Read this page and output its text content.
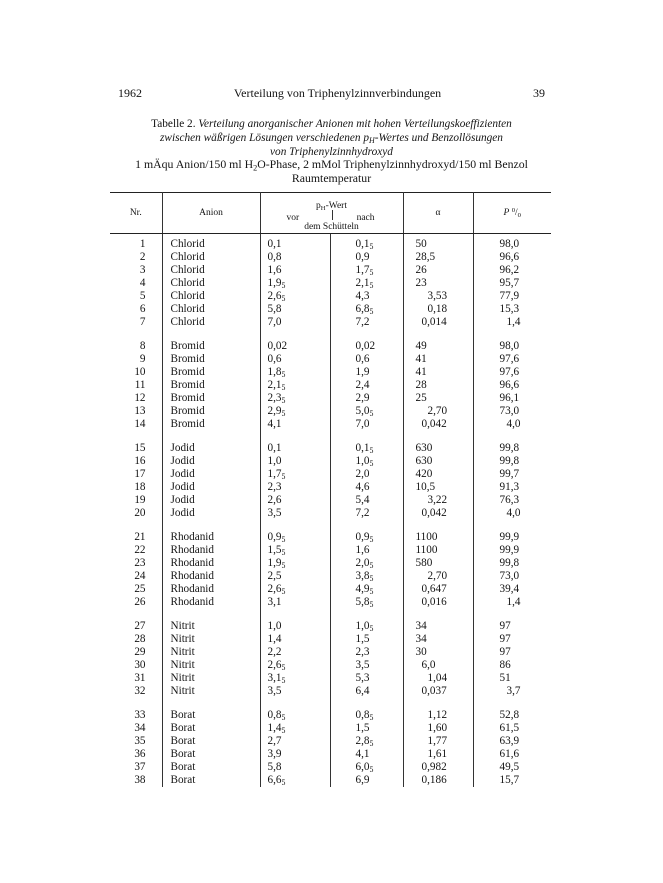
1962	Verteilung von Triphenylzinnverbindungen	39
Tabelle 2. Verteilung anorganischer Anionen mit hohen Verteilungskoeffizienten
zwischen wäßrigen Lösungen verschiedenen $p_H$-Wertes und Benzollösungen
von Triphenylzinnhydroxyd
1 mÄqu Anion/150 ml $H_2O$-Phase, 2 mMol Triphenylzinnhydroxyd/150 ml Benzol
Raumtemperatur
Nr.	Anion	$p_H$-Wert
vor nach
dem Schütteln		α	P $^0/_0$
1	Chlorid	0,1	$0,1_5$	50	98,0
2	Chlorid	0,8	0,9	28,5	96,6
3	Chlorid	1,6	$1,7_5$	26	96,2
4	Chlorid	$1,9_5$	$2,1_5$	23	95,7
5	Chlorid	$2,6_5$	4,3	3,53	77,9
6	Chlorid	5,8	$6,8_5$	0,18	15,3
7	Chlorid	7,0	7,2	0,014	1,4

8	Bromid	0,02	0,02	49	98,0
9	Bromid	0,6	0,6	41	97,6
10	Bromid	$1,8_5$	1,9	41	97,6
11	Bromid	$2,1_5$	2,4	28	96,6
12	Bromid	$2,3_5$	2,9	25	96,1
13	Bromid	$2,9_5$	$5,0_5$	2,70	73,0
14	Bromid	4,1	7,0	0,042	4,0

15	Jodid	0,1	$0,1_5$	630	99,8
16	Jodid	1,0	$1,0_5$	630	99,8
17	Jodid	$1,7_5$	2,0	420	99,7
18	Jodid	2,3	4,6	10,5	91,3
19	Jodid	2,6	5,4	3,22	76,3
20	Jodid	3,5	7,2	0,042	4,0

21	Rhodanid	$0,9_5$	$0,9_5$	1100	99,9
22	Rhodanid	$1,5_5$	1,6	1100	99,9
23	Rhodanid	$1,9_5$	$2,0_5$	580	99,8
24	Rhodanid	2,5	$3,8_5$	2,70	73,0
25	Rhodanid	$2,6_5$	$4,9_5$	0,647	39,4
26	Rhodanid	3,1	$5,8_5$	0,016	1,4

27	Nitrit	1,0	$1,0_5$	34	97
28	Nitrit	1,4	1,5	34	97
29	Nitrit	2,2	2,3	30	97
30	Nitrit	$2,6_5$	3,5	6,0	86
31	Nitrit	$3,1_5$	5,3	1,04	51
32	Nitrit	3,5	6,4	0,037	3,7

33	Borat	$0,8_5$	$0,8_5$	1,12	52,8
34	Borat	$1,4_5$	1,5	1,60	61,5
35	Borat	2,7	$2,8_5$	1,77	63,9
36	Borat	3,9	4,1	1,61	61,6
37	Borat	5,8	$6,0_5$	0,982	49,5
38	Borat	$6,6_5$	6,9	0,186	15,7
